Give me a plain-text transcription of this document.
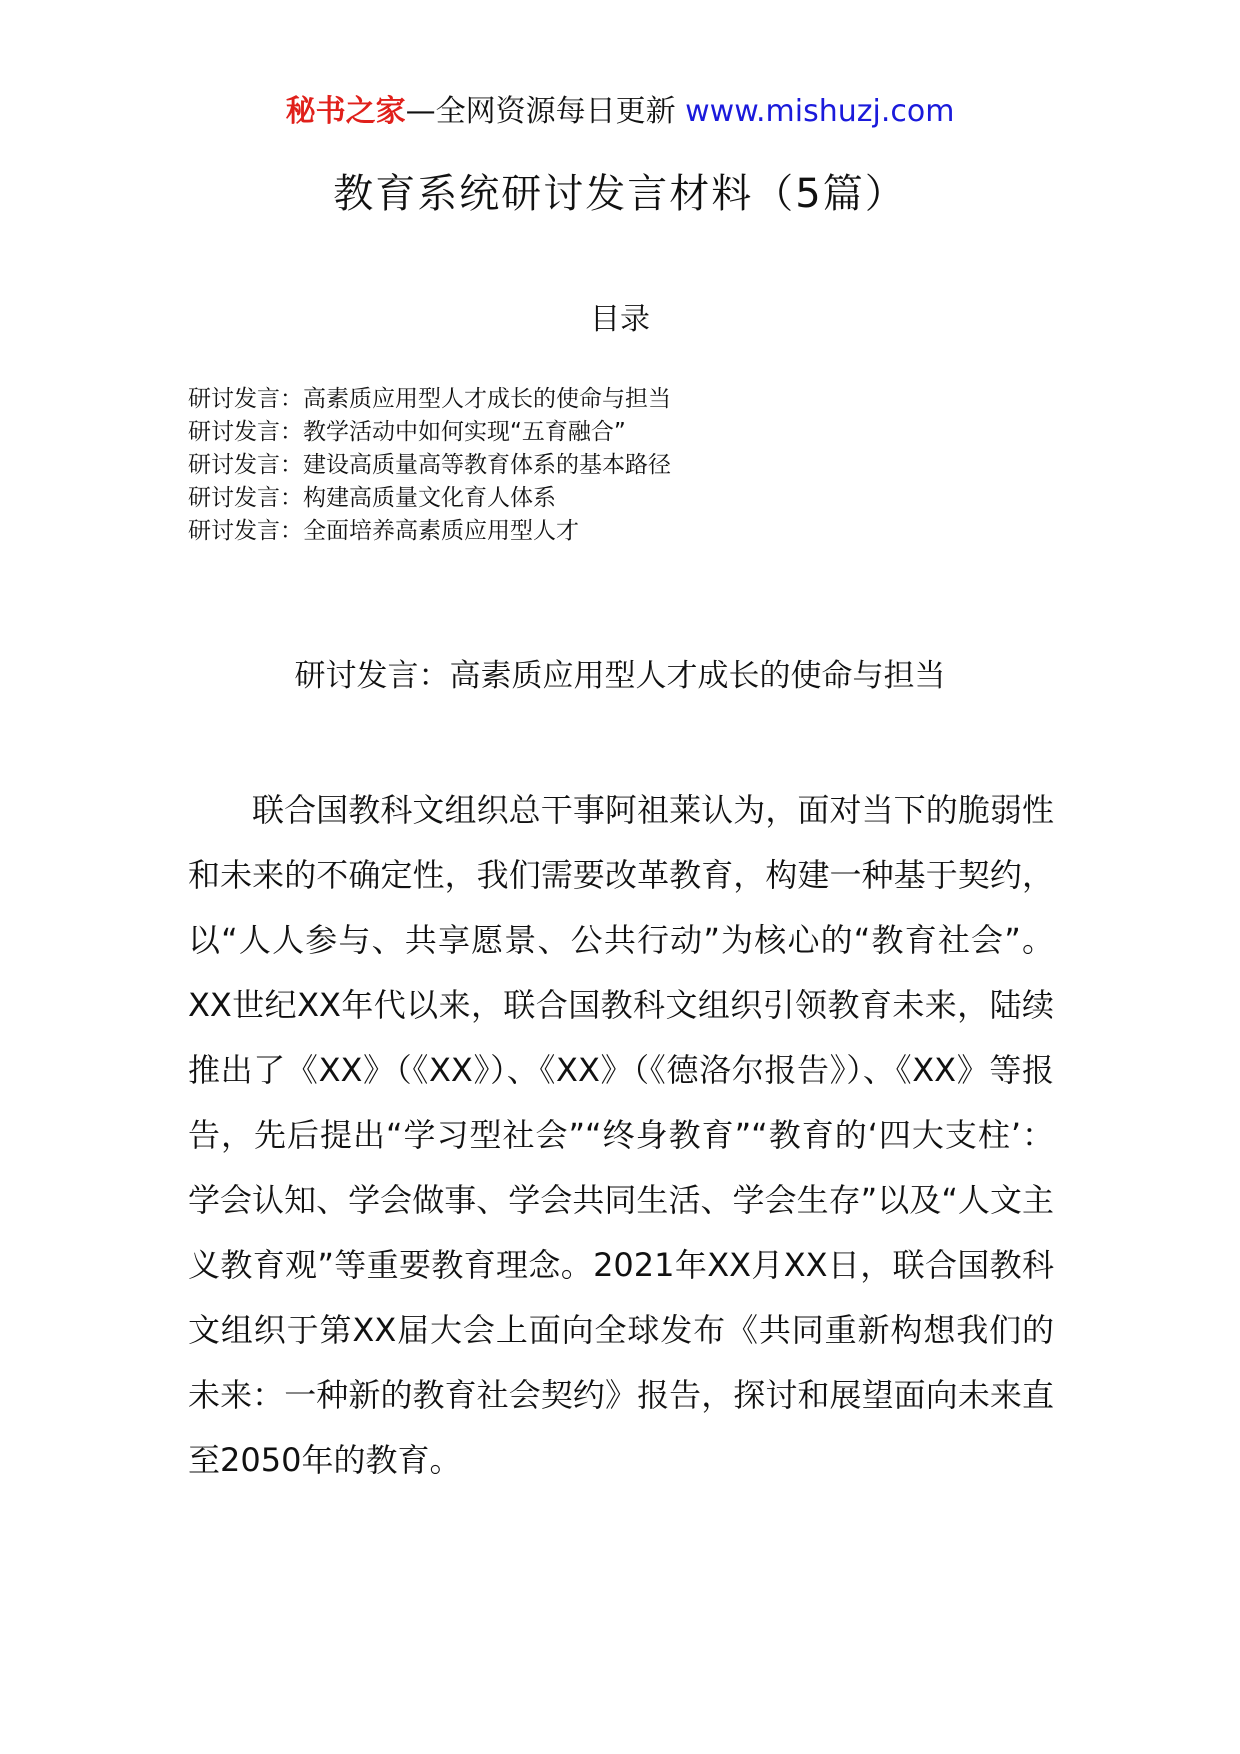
秘书之家—全网资源每日更新 www.mishuzj.com
教育系统研讨发言材料（5篇）
目录
研讨发言：高素质应用型人才成长的使命与担当
研讨发言：教学活动中如何实现“五育融合”
研讨发言：建设高质量高等教育体系的基本路径
研讨发言：构建高质量文化育人体系
研讨发言：全面培养高素质应用型人才
研讨发言：高素质应用型人才成长的使命与担当

联合国教科文组织总干事阿祖莱认为，面对当下的脆弱性和未来的不确定性，我们需要改革教育，构建一种基于契约，以“人人参与、共享愿景、公共行动”为核心的“教育社会”。XX世纪XX年代以来，联合国教科文组织引领教育未来，陆续推出了《XX》（《XX》）、《XX》（《德洛尔报告》）、《XX》等报告，先后提出“学习型社会”“终身教育”“教育的‘四大支柱’：学会认知、学会做事、学会共同生活、学会生存”以及“人文主义教育观”等重要教育理念。2021年XX月XX日，联合国教科文组织于第XX届大会上面向全球发布《共同重新构想我们的未来：一种新的教育社会契约》报告，探讨和展望面向未来直至2050年的教育。
